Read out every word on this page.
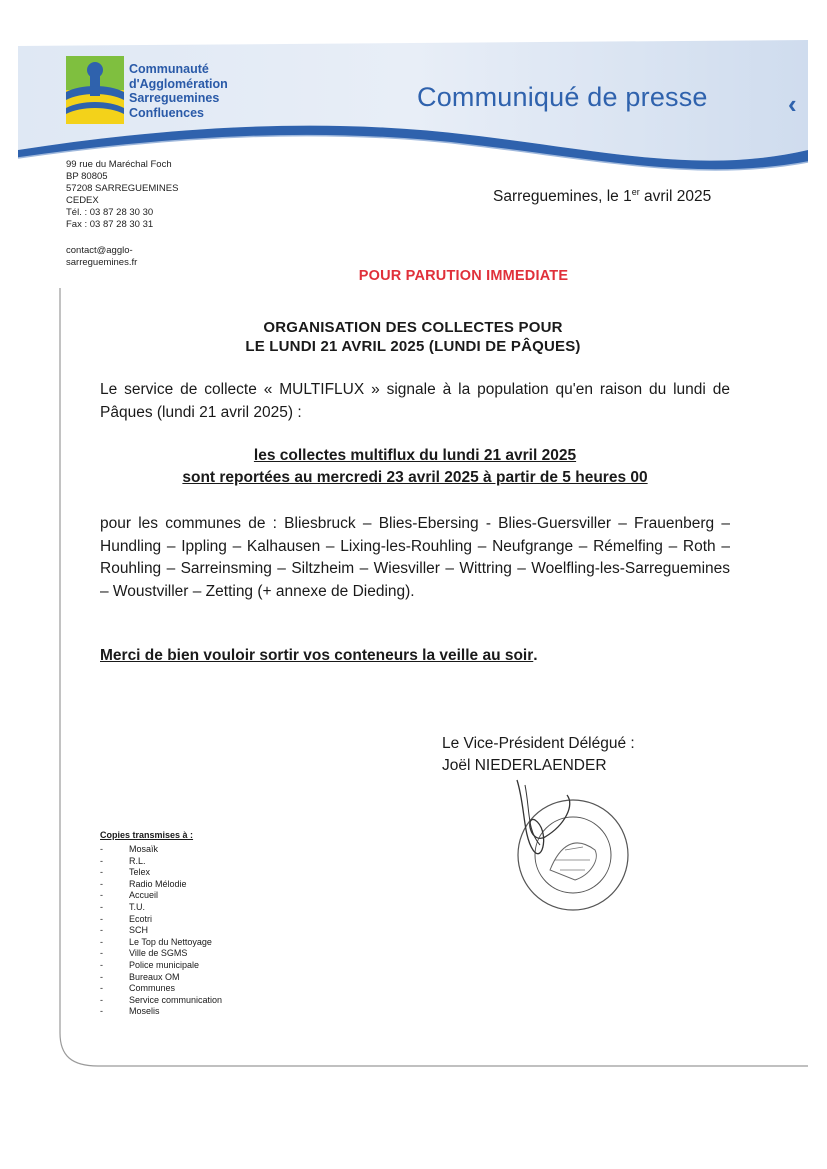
Communauté
d'Agglomération
Sarreguemines
Confluences
Communiqué de presse	‹
99 rue du Maréchal Foch
BP 80805
57208 SARREGUEMINES
CEDEX
Tél. : 03 87 28 30 30
Fax : 03 87 28 30 31
contact@agglo-
sarreguemines.fr
Sarreguemines, le 1er avril 2025
POUR PARUTION IMMEDIATE
ORGANISATION DES COLLECTES POUR
LE LUNDI 21 AVRIL 2025 (LUNDI DE PÂQUES)
Le service de collecte « MULTIFLUX » signale à la population qu'en raison du lundi de Pâques (lundi 21 avril 2025) :
les collectes multiflux du lundi 21 avril 2025
sont reportées au mercredi 23 avril 2025 à partir de 5 heures 00
pour les communes de : Bliesbruck – Blies-Ebersing - Blies-Guersviller – Frauenberg – Hundling – Ippling – Kalhausen – Lixing-les-Rouhling – Neufgrange – Rémelfing – Roth – Rouhling – Sarreinsming – Siltzheim – Wiesviller – Wittring – Woelfling-les-Sarreguemines – Woustviller – Zetting (+ annexe de Dieding).
Merci de bien vouloir sortir vos conteneurs la veille au soir.
Le Vice-Président Délégué :
Joël NIEDERLAENDER
Copies transmises à :
-	Mosaïk
-	R.L.
-	Telex
-	Radio Mélodie
-	Accueil
-	T.U.
-	Ecotri
-	SCH
-	Le Top du Nettoyage
-	Ville de SGMS
-	Police municipale
-	Bureaux OM
-	Communes
-	Service communication
-	Moselis
